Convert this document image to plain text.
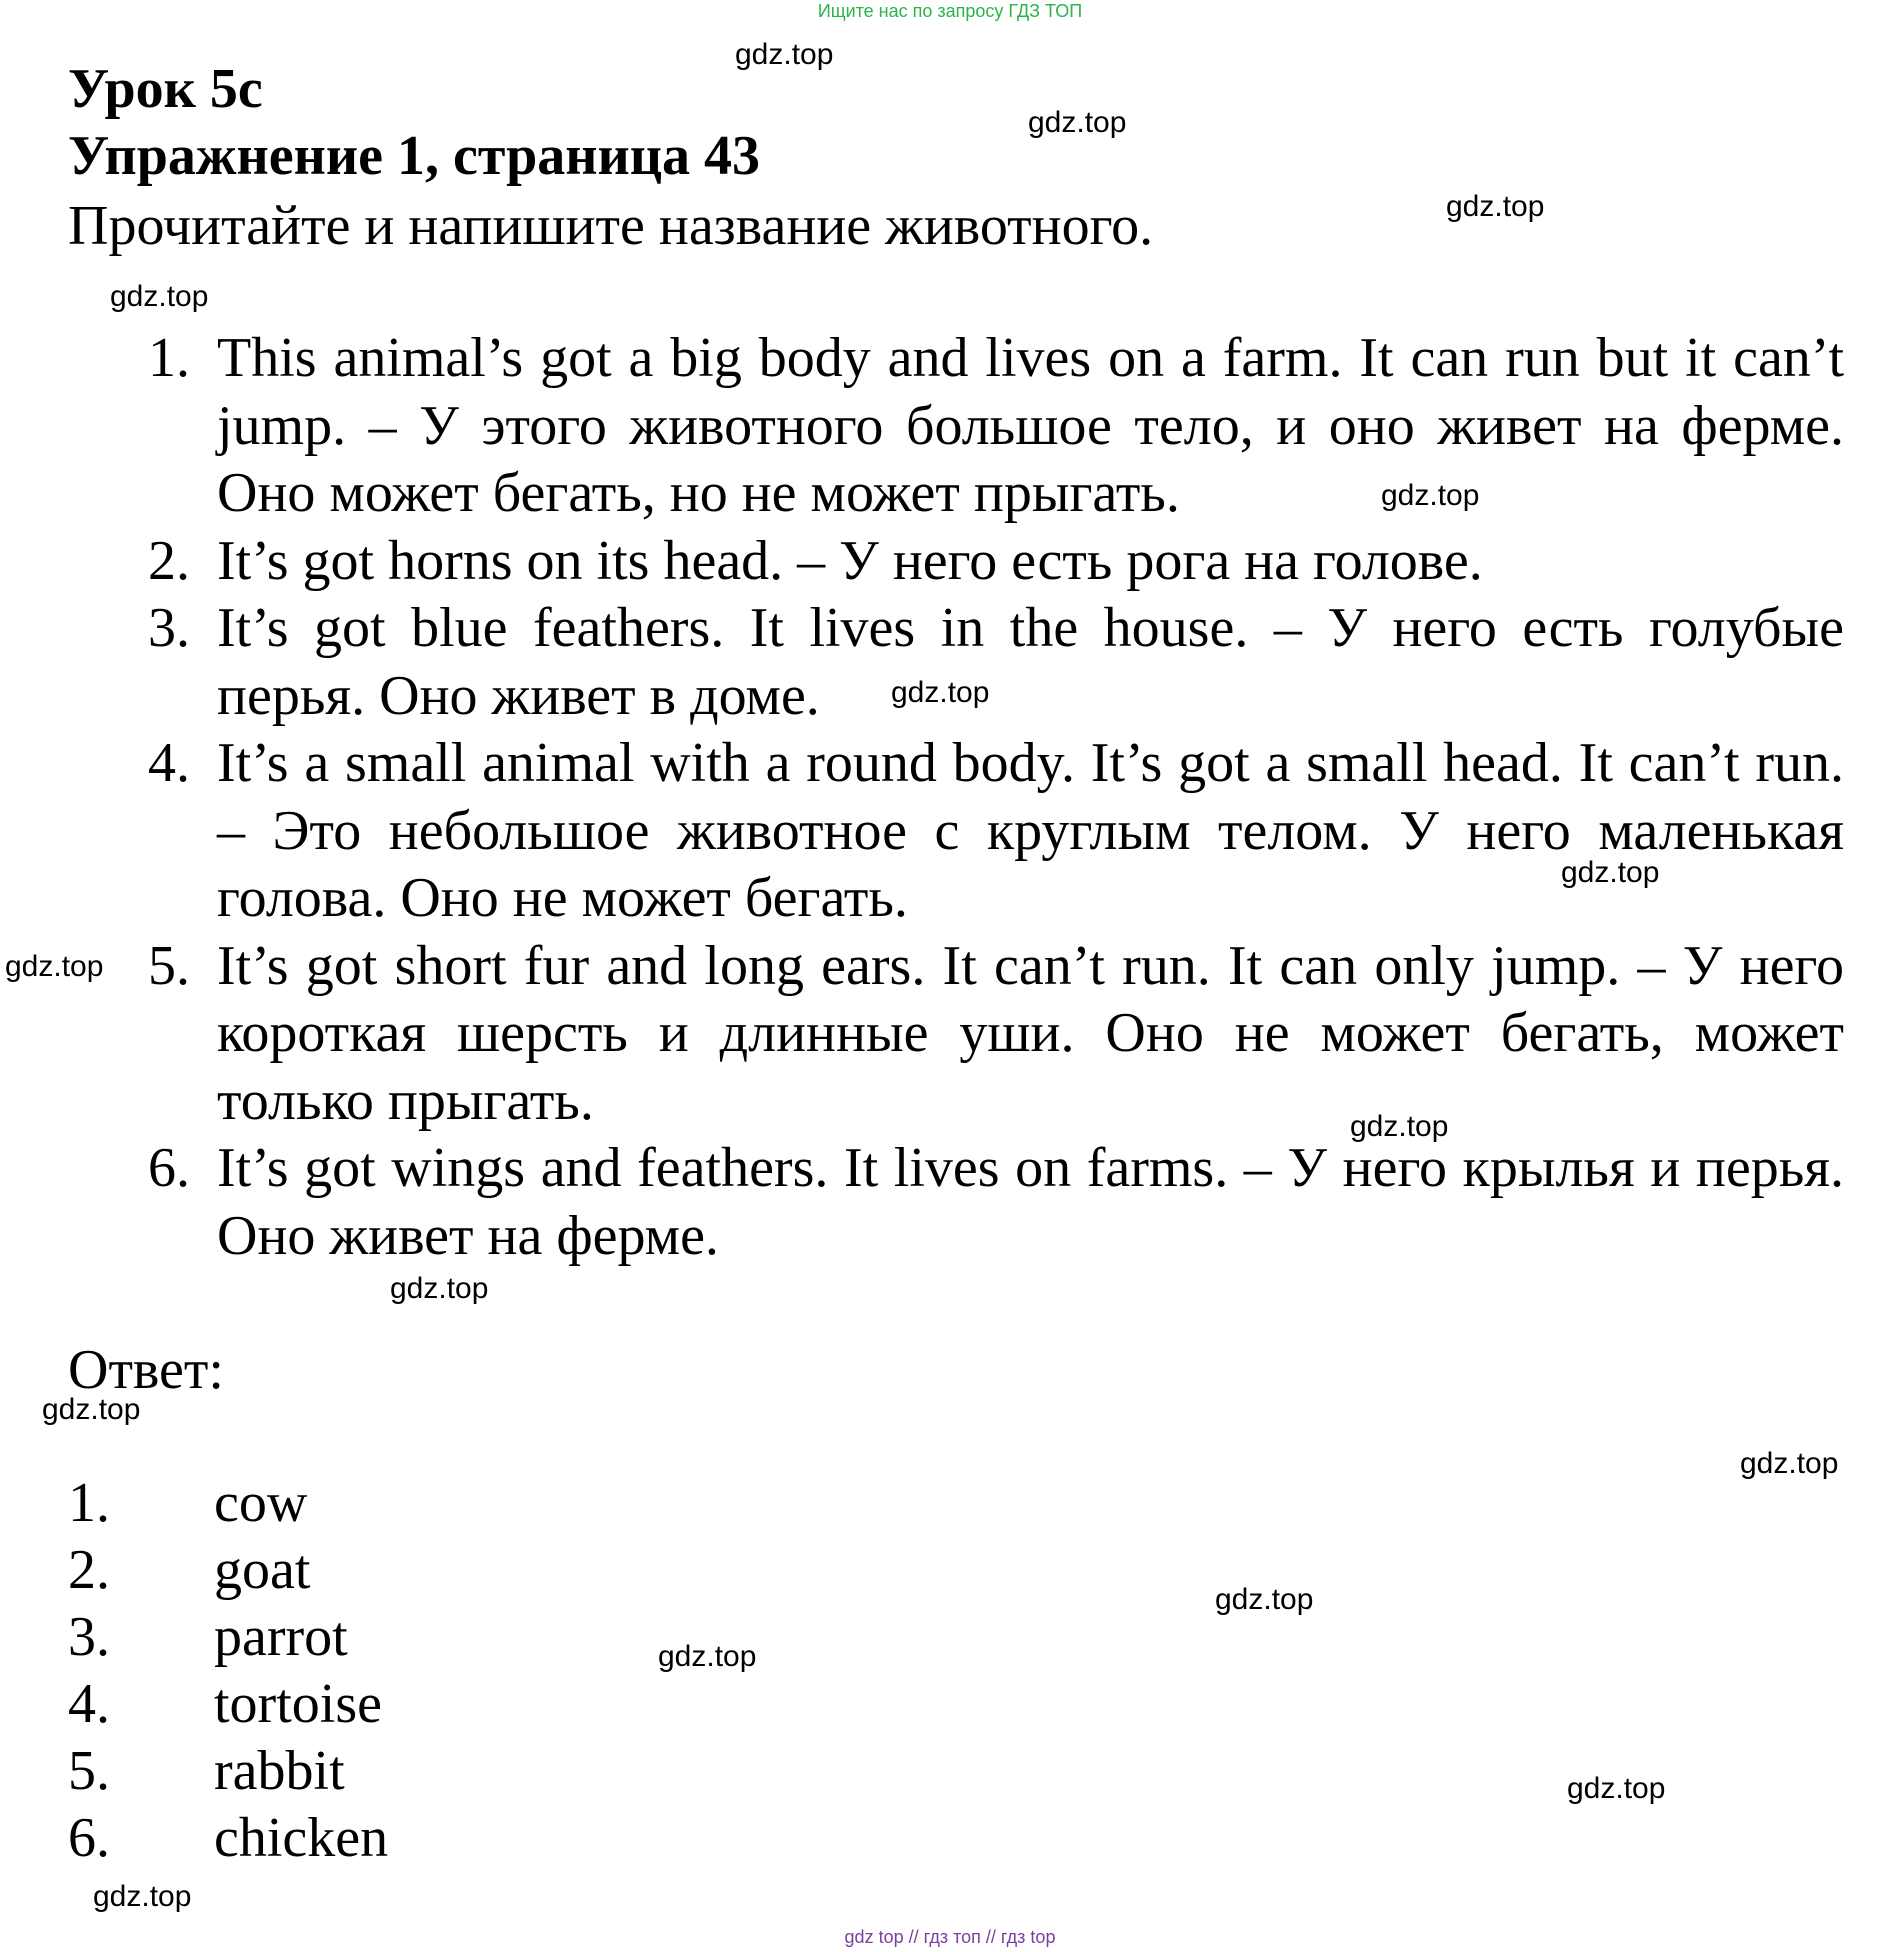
Ищите нас по запросу ГДЗ ТОП
Урок 5c
Упражнение 1, страница 43
Прочитайте и напишите название животного.
1. This animal’s got a big body and lives on a farm. It can run but it can’t jump. – У этого животного большое тело, и оно живет на ферме. Оно может бегать, но не может прыгать.
2. It’s got horns on its head. – У него есть рога на голове.
3. It’s got blue feathers. It lives in the house. – У него есть голубые перья. Оно живет в доме.
4. It’s a small animal with a round body. It’s got a small head. It can’t run. – Это небольшое животное с круглым телом. У него маленькая голова. Оно не может бегать.
5. It’s got short fur and long ears. It can’t run. It can only jump. – У него короткая шерсть и длинные уши. Оно не может бегать, может только прыгать.
6. It’s got wings and feathers. It lives on farms. – У него крылья и перья. Оно живет на ферме.
Ответ:
1. cow
2. goat
3. parrot
4. tortoise
5. rabbit
6. chicken
gdz.top
gdz.top
gdz.top
gdz.top
gdz.top
gdz.top
gdz.top
gdz.top
gdz.top
gdz.top
gdz.top
gdz.top
gdz.top
gdz.top
gdz.top
gdz.top
gdz top // гдз топ // гдз top
